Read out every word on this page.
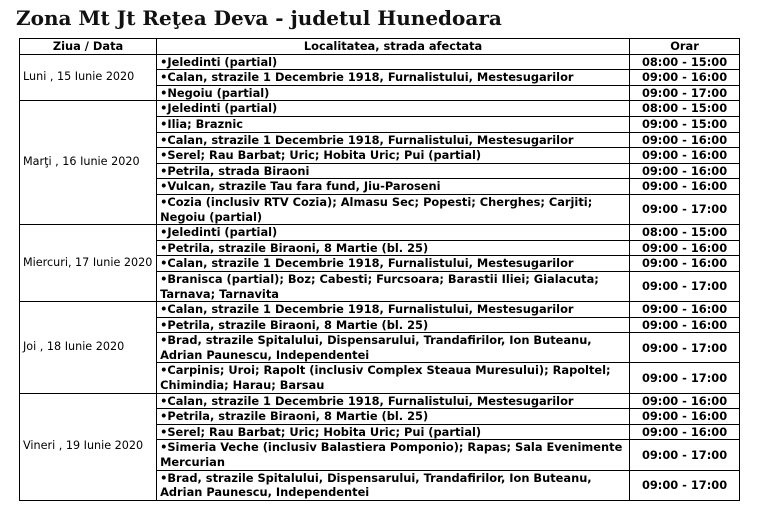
Zona Mt Jt Reţea Deva - judetul Hunedoara
Ziua / Data	Localitatea, strada afectata	Orar
Luni , 15 Iunie 2020	•Jeledinti (partial)	08:00 - 15:00
	•Calan, strazile 1 Decembrie 1918, Furnalistului, Mestesugarilor	09:00 - 16:00
	•Negoiu (partial)	09:00 - 17:00
Marţi , 16 Iunie 2020	•Jeledinti (partial)	08:00 - 15:00
	•Ilia; Braznic	09:00 - 15:00
	•Calan, strazile 1 Decembrie 1918, Furnalistului, Mestesugarilor	09:00 - 16:00
	•Serel; Rau Barbat; Uric; Hobita Uric; Pui (partial)	09:00 - 16:00
	•Petrila, strada Biraoni	09:00 - 16:00
	•Vulcan, strazile Tau fara fund, Jiu-Paroseni	09:00 - 16:00
	•Cozia (inclusiv RTV Cozia); Almasu Sec; Popesti; Cherghes; Carjiti; Negoiu (partial)	09:00 - 17:00
Miercuri, 17 Iunie 2020	•Jeledinti (partial)	08:00 - 15:00
	•Petrila, strazile Biraoni, 8 Martie (bl. 25)	09:00 - 16:00
	•Calan, strazile 1 Decembrie 1918, Furnalistului, Mestesugarilor	09:00 - 16:00
	•Branisca (partial); Boz; Cabesti; Furcsoara; Barastii Iliei; Gialacuta; Tarnava; Tarnavita	09:00 - 17:00
Joi , 18 Iunie 2020	•Calan, strazile 1 Decembrie 1918, Furnalistului, Mestesugarilor	09:00 - 16:00
	•Petrila, strazile Biraoni, 8 Martie (bl. 25)	09:00 - 16:00
	•Brad, strazile Spitalului, Dispensarului, Trandafirilor, Ion Buteanu, Adrian Paunescu, Independentei	09:00 - 17:00
	•Carpinis; Uroi; Rapolt (inclusiv Complex Steaua Muresului); Rapoltel; Chimindia; Harau; Barsau	09:00 - 17:00
Vineri , 19 Iunie 2020	•Calan, strazile 1 Decembrie 1918, Furnalistului, Mestesugarilor	09:00 - 16:00
	•Petrila, strazile Biraoni, 8 Martie (bl. 25)	09:00 - 16:00
	•Serel; Rau Barbat; Uric; Hobita Uric; Pui (partial)	09:00 - 16:00
	•Simeria Veche (inclusiv Balastiera Pomponio); Rapas; Sala Evenimente Mercurian	09:00 - 17:00
	•Brad, strazile Spitalului, Dispensarului, Trandafirilor, Ion Buteanu, Adrian Paunescu, Independentei	09:00 - 17:00
